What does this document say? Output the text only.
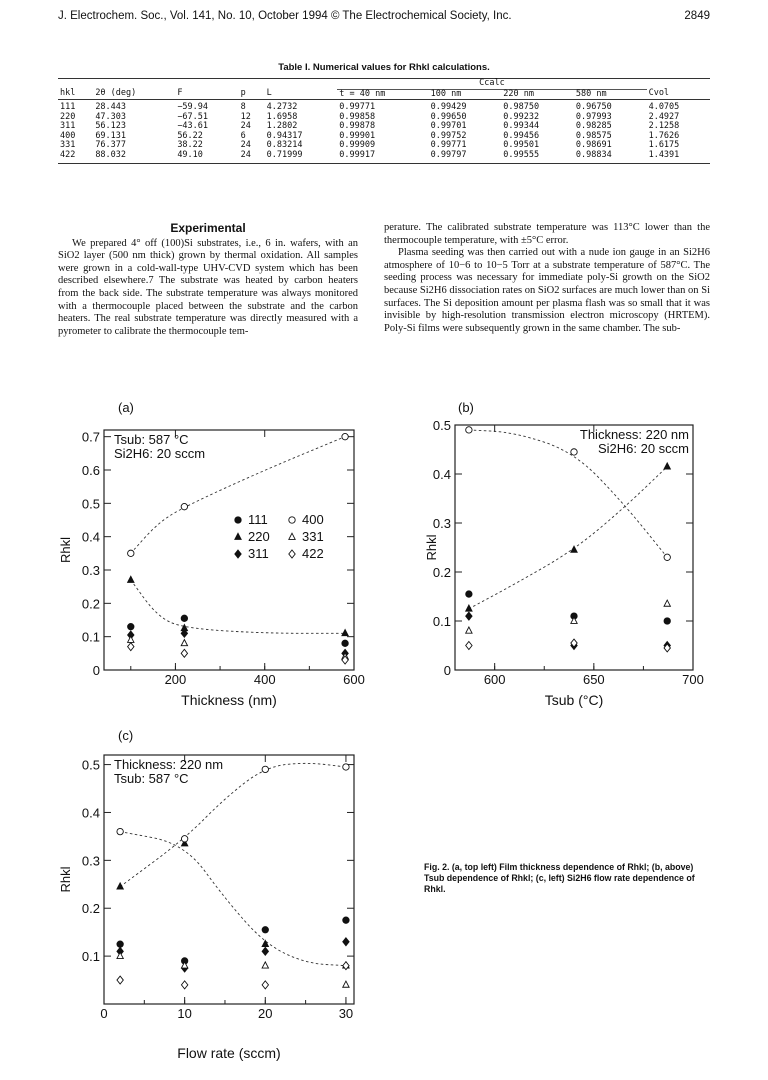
J. Electrochem. Soc., Vol. 141, No. 10, October 1994 © The Electrochemical Society, Inc.	2849
Table I. Numerical values for Rhkl calculations.
					Ccalc				
hkl	2θ (deg)	F	p	L	t = 40 nm	100 nm	220 nm	580 nm	Cvol
111	28.443	−59.94	8	4.2732	0.99771	0.99429	0.98750	0.96750	4.0705
220	47.303	−67.51	12	1.6958	0.99858	0.99650	0.99232	0.97993	2.4927
311	56.123	−43.61	24	1.2802	0.99878	0.99701	0.99344	0.98285	2.1258
400	69.131	56.22	6	0.94317	0.99901	0.99752	0.99456	0.98575	1.7626
331	76.377	38.22	24	0.83214	0.99909	0.99771	0.99501	0.98691	1.6175
422	88.032	49.10	24	0.71999	0.99917	0.99797	0.99555	0.98834	1.4391
Experimental

We prepared 4° off (100)Si substrates, i.e., 6 in. wafers, with an SiO2 layer (500 nm thick) grown by thermal oxidation. All samples were grown in a cold-wall-type UHV-CVD system which has been described elsewhere.7 The substrate was heated by carbon heaters from the back side. The substrate temperature was always monitored with a thermocouple placed between the substrate and the carbon heaters. The real substrate temperature was directly measured with a pyrometer to calibrate the thermocouple tem-

perature. The calibrated substrate temperature was 113°C lower than the thermocouple temperature, with ±5°C error.

Plasma seeding was then carried out with a nude ion gauge in an Si2H6 atmosphere of 10−6 to 10−5 Torr at a substrate temperature of 587°C. The seeding process was necessary for immediate poly-Si growth on the SiO2 because Si2H6 dissociation rates on SiO2 surfaces are much lower than on Si surfaces. The Si deposition amount per plasma flash was so small that it was invisible by high-resolution transmission electron microscopy (HRTEM). Poly-Si films were subsequently grown in the same chamber. The sub-

(a)
200	400	600
0
0.1
0.2
0.3
0.4
0.5
0.6
0.7
Thickness (nm)
Rhkl
Tsub: 587 °C
Si2H6: 20 sccm
111
220
311
400
331
422
(b)
600	650	700
0
0.1
0.2
0.3
0.4
0.5
Tsub (°C)
Rhkl
Thickness: 220 nm
Si2H6: 20 sccm
(c)
0	10	20	30
0.1
0.2
0.3
0.4
0.5
Flow rate (sccm)
Rhkl
Thickness: 220 nm
Tsub: 587 °C
Fig. 2. (a, top left) Film thickness dependence of Rhkl; (b, above) Tsub dependence of Rhkl; (c, left) Si2H6 flow rate dependence of Rhkl.
